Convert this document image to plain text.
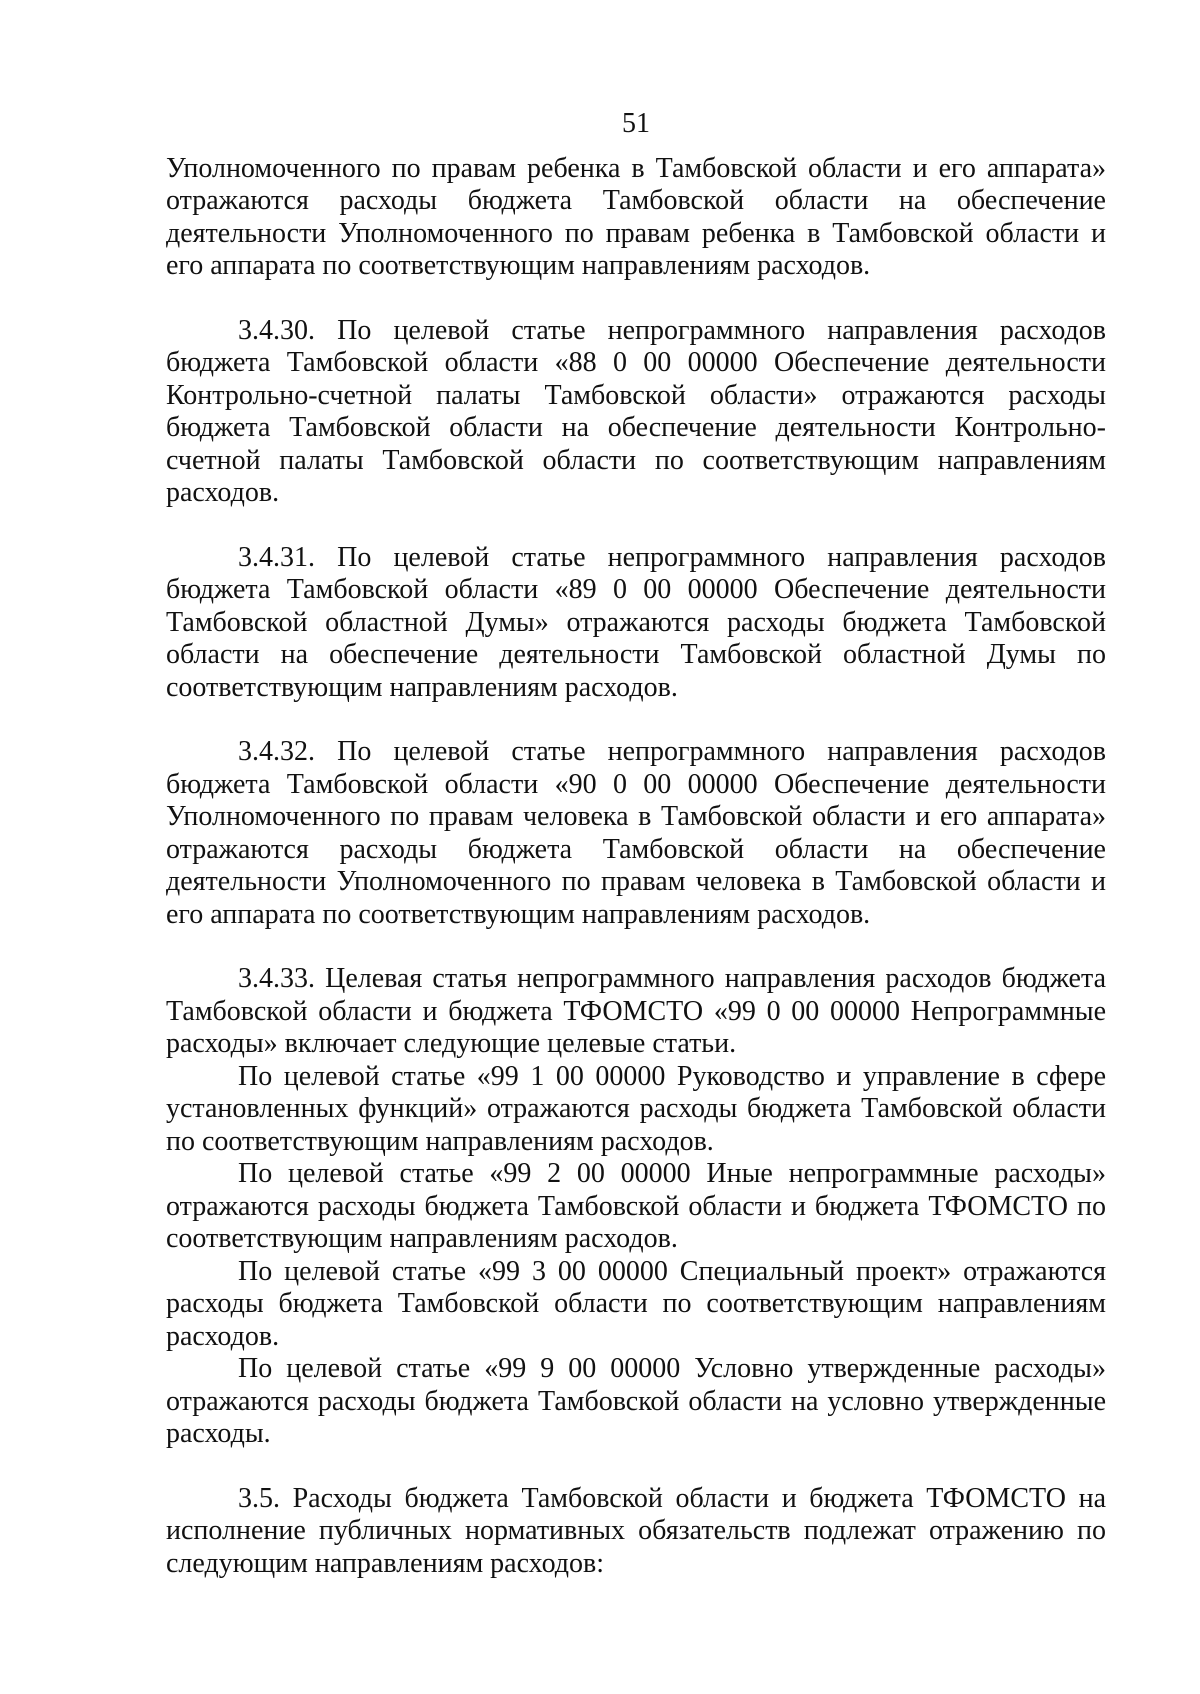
51

Уполномоченного по правам ребенка в Тамбовской области и его аппарата» отражаются расходы бюджета Тамбовской области на обеспечение деятельности Уполномоченного по правам ребенка в Тамбовской области и его аппарата по соответствующим направлениям расходов.

3.4.30. По целевой статье непрограммного направления расходов бюджета Тамбовской области «88 0 00 00000 Обеспечение деятельности Контрольно-счетной палаты Тамбовской области» отражаются расходы бюджета Тамбовской области на обеспечение деятельности Контрольно-счетной палаты Тамбовской области по соответствующим направлениям расходов.

3.4.31. По целевой статье непрограммного направления расходов бюджета Тамбовской области «89 0 00 00000 Обеспечение деятельности Тамбовской областной Думы» отражаются расходы бюджета Тамбовской области на обеспечение деятельности Тамбовской областной Думы по соответствующим направлениям расходов.

3.4.32. По целевой статье непрограммного направления расходов бюджета Тамбовской области «90 0 00 00000 Обеспечение деятельности Уполномоченного по правам человека в Тамбовской области и его аппарата» отражаются расходы бюджета Тамбовской области на обеспечение деятельности Уполномоченного по правам человека в Тамбовской области и его аппарата по соответствующим направлениям расходов.

3.4.33. Целевая статья непрограммного направления расходов бюджета Тамбовской области и бюджета ТФОМСТО «99 0 00 00000 Непрограммные расходы» включает следующие целевые статьи.

По целевой статье «99 1 00 00000 Руководство и управление в сфере установленных функций» отражаются расходы бюджета Тамбовской области по соответствующим направлениям расходов.

По целевой статье «99 2 00 00000 Иные непрограммные расходы» отражаются расходы бюджета Тамбовской области и бюджета ТФОМСТО по соответствующим направлениям расходов.

По целевой статье «99 3 00 00000 Специальный проект» отражаются расходы бюджета Тамбовской области по соответствующим направлениям расходов.

По целевой статье «99 9 00 00000 Условно утвержденные расходы» отражаются расходы бюджета Тамбовской области на условно утвержденные расходы.

3.5. Расходы бюджета Тамбовской области и бюджета ТФОМСТО на исполнение публичных нормативных обязательств подлежат отражению по следующим направлениям расходов:
